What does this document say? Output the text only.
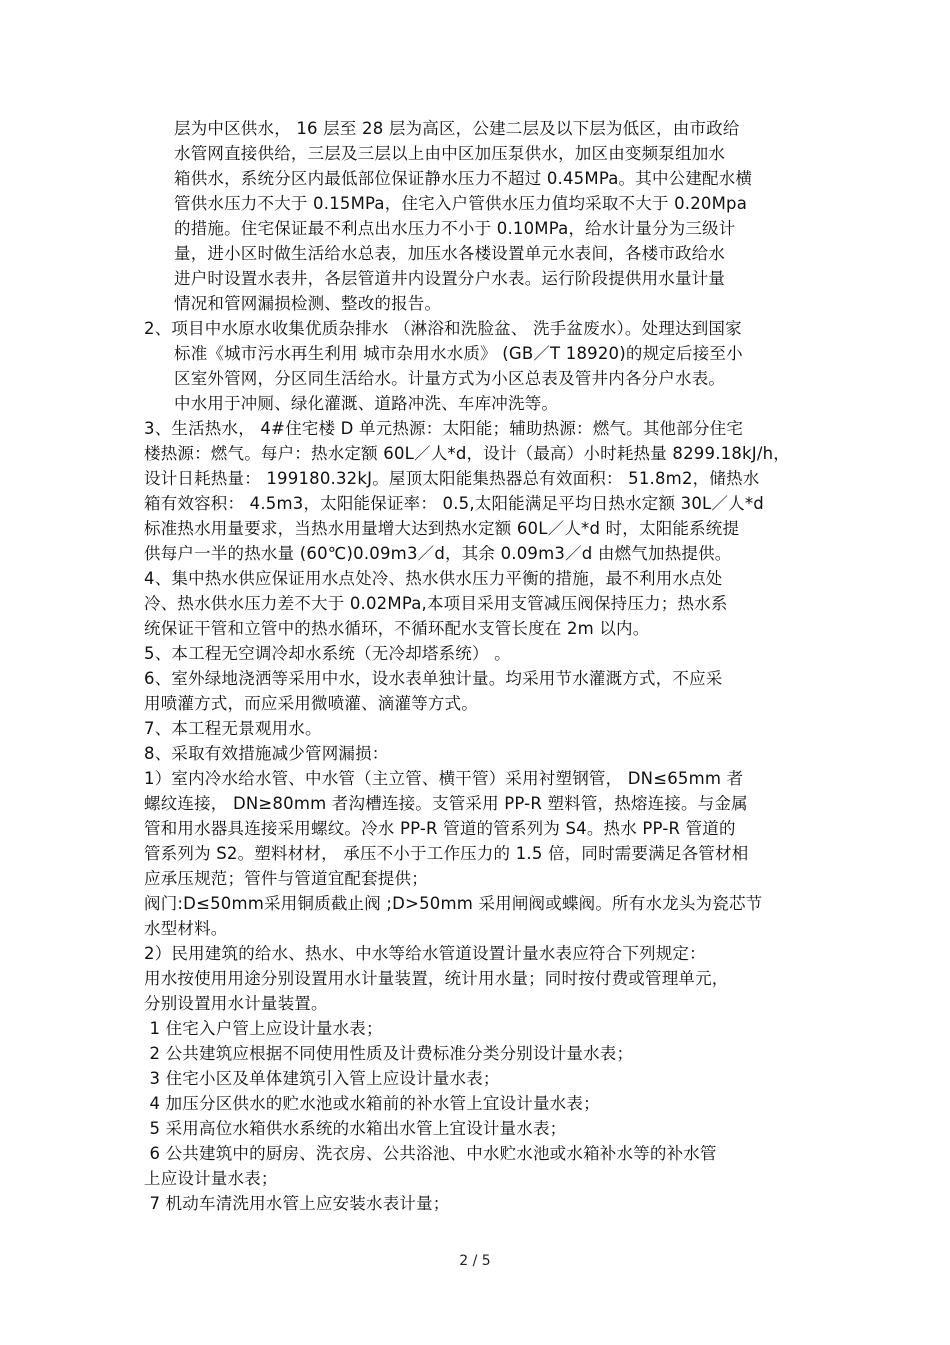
层为中区供水， 16 层至 28 层为高区，公建二层及以下层为低区，由市政给
水管网直接供给，三层及三层以上由中区加压泵供水，加区由变频泵组加水
箱供水，系统分区内最低部位保证静水压力不超过 0.45MPa。其中公建配水横
管供水压力不大于 0.15MPa，住宅入户管供水压力值均采取不大于 0.20Mpa
的措施。住宅保证最不利点出水压力不小于 0.10MPa，给水计量分为三级计
量，进小区时做生活给水总表，加压水各楼设置单元水表间，各楼市政给水
进户时设置水表井，各层管道井内设置分户水表。运行阶段提供用水量计量
情况和管网漏损检测、整改的报告。
2、项目中水原水收集优质杂排水 （淋浴和洗脸盆、 洗手盆废水）。处理达到国家
标准《城市污水再生利用 城市杂用水水质》 (GB／T 18920)的规定后接至小
区室外管网，分区同生活给水。计量方式为小区总表及管井内各分户水表。
中水用于冲厕、绿化灌溉、道路冲洗、车库冲洗等。
3、生活热水， 4#住宅楼 D 单元热源：太阳能；辅助热源：燃气。其他部分住宅
楼热源：燃气。每户：热水定额 60L／人*d，设计（最高）小时耗热量 8299.18kJ/h，
设计日耗热量： 199180.32kJ。屋顶太阳能集热器总有效面积： 51.8m2，储热水
箱有效容积： 4.5m3，太阳能保证率： 0.5,太阳能满足平均日热水定额 30L／人*d
标准热水用量要求，当热水用量增大达到热水定额 60L／人*d 时，太阳能系统提
供每户一半的热水量 (60℃)0.09m3／d，其余 0.09m3／d 由燃气加热提供。
4、集中热水供应保证用水点处冷、热水供水压力平衡的措施，最不利用水点处
冷、热水供水压力差不大于 0.02MPa,本项目采用支管减压阀保持压力；热水系
统保证干管和立管中的热水循环，不循环配水支管长度在 2m 以内。
5、本工程无空调冷却水系统（无冷却塔系统） 。
6、室外绿地浇洒等采用中水，设水表单独计量。均采用节水灌溉方式，不应采
用喷灌方式，而应采用微喷灌、滴灌等方式。
7、本工程无景观用水。
8、采取有效措施减少管网漏损：
1）室内冷水给水管、中水管（主立管、横干管）采用衬塑钢管， DN≤65mm 者
螺纹连接， DN≥80mm 者沟槽连接。支管采用 PP-R 塑料管，热熔连接。与金属
管和用水器具连接采用螺纹。冷水 PP-R 管道的管系列为 S4。热水 PP-R 管道的
管系列为 S2。塑料材材， 承压不小于工作压力的 1.5 倍，同时需要满足各管材相
应承压规范；管件与管道宜配套提供；
阀门:D≤50mm采用铜质截止阀 ;D>50mm 采用闸阀或蝶阀。所有水龙头为瓷芯节
水型材料。
2）民用建筑的给水、热水、中水等给水管道设置计量水表应符合下列规定：
用水按使用用途分别设置用水计量装置，统计用水量；同时按付费或管理单元，
分别设置用水计量装置。
1 住宅入户管上应设计量水表；
2 公共建筑应根据不同使用性质及计费标准分类分别设计量水表；
3 住宅小区及单体建筑引入管上应设计量水表；
4 加压分区供水的贮水池或水箱前的补水管上宜设计量水表；
5 采用高位水箱供水系统的水箱出水管上宜设计量水表；
6 公共建筑中的厨房、洗衣房、公共浴池、中水贮水池或水箱补水等的补水管
上应设计量水表；
7 机动车清洗用水管上应安装水表计量；
2 / 5
